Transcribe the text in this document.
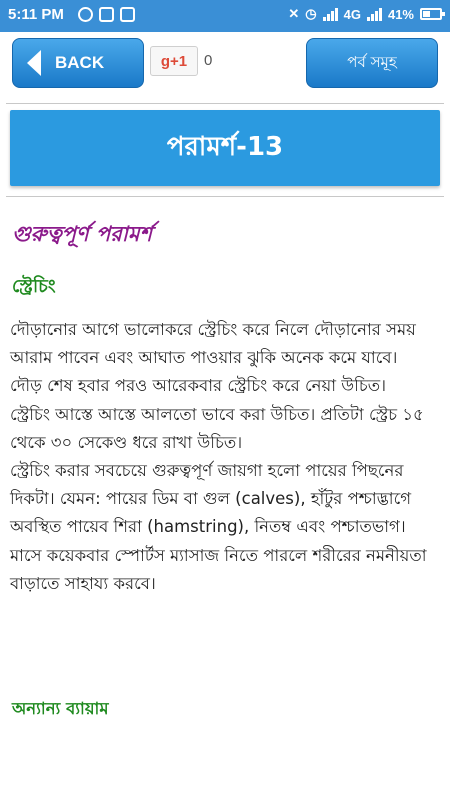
5:11 PM	✕ ◷ 4G 41%
BACK	g+1	0	পর্ব সমূহ
পরামর্শ-13
গুরুত্বপূর্ণ পরামর্শ
স্ট্রেচিং

দৌড়ানোর আগে ভালোকরে স্ট্রেচিং করে নিলে দৌড়ানোর সময় আরাম পাবেন এবং আঘাত পাওয়ার ঝুকি অনেক কমে যাবে।

দৌড় শেষ হবার পরও আরেকবার স্ট্রেচিং করে নেয়া উচিত।

স্ট্রেচিং আস্তে আস্তে আলতো ভাবে করা উচিত। প্রতিটা স্ট্রেচ ১৫ থেকে ৩০ সেকেণ্ড ধরে রাখা উচিত।

স্ট্রেচিং করার সবচেয়ে গুরুত্বপূর্ণ জায়গা হলো পায়ের পিছনের দিকটা। যেমন: পায়ের ডিম বা গুল (calves), হাঁটুর পশ্চাদ্ভাগে অবস্থিত পায়েব শিরা (hamstring), নিতম্ব এবং পশ্চাতভাগ।

মাসে কয়েকবার স্পোর্টস ম্যাসাজ নিতে পারলে শরীরের নমনীয়তা বাড়াতে সাহায্য করবে।

অন্যান্য ব্যায়াম
